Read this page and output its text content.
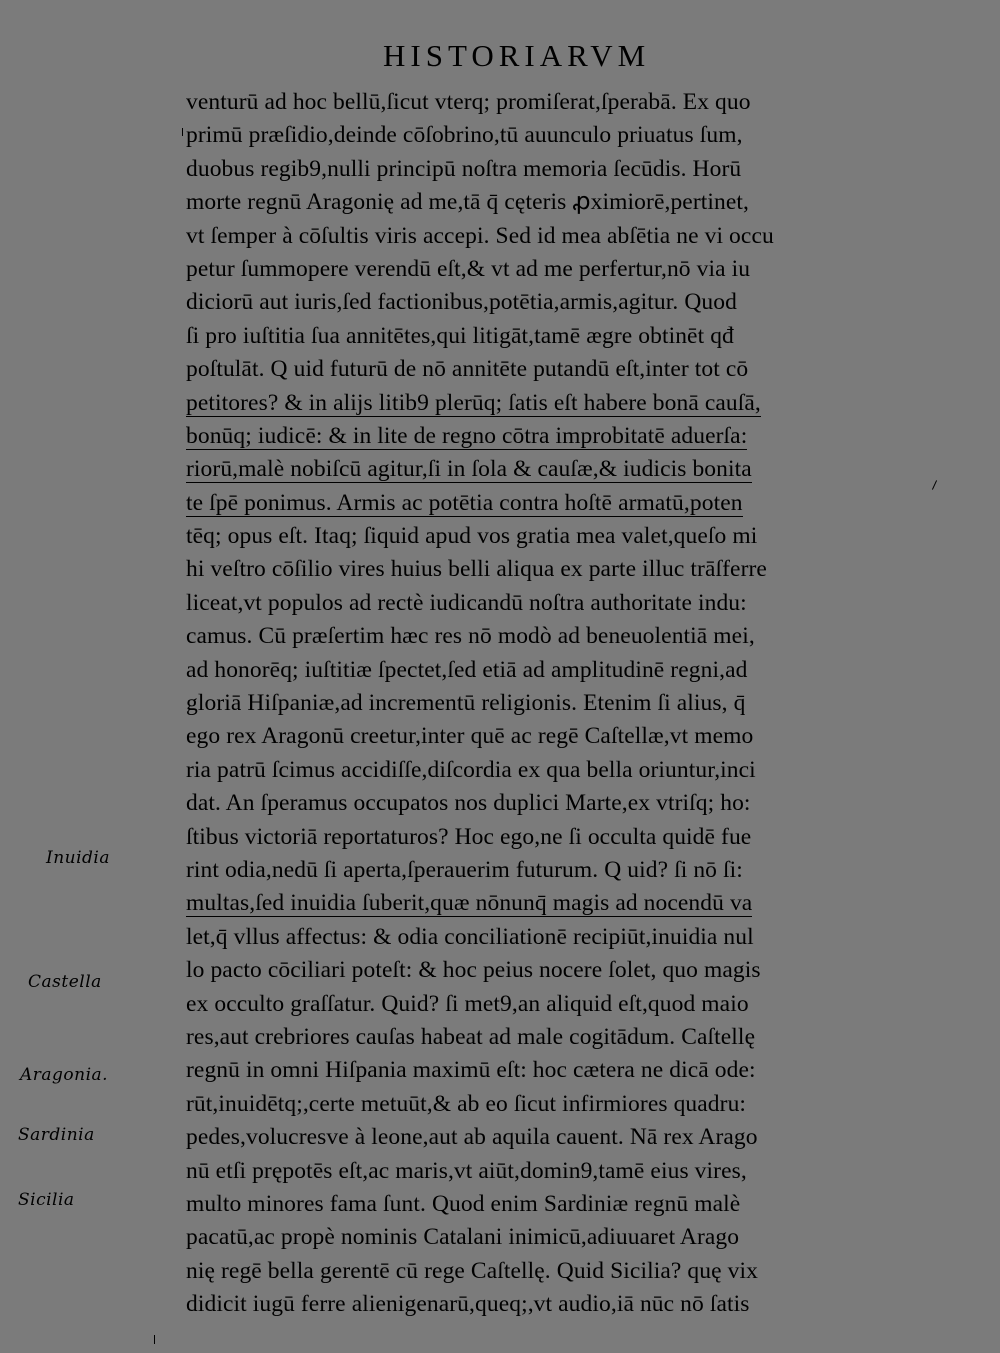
HISTORIARVM
venturū ad hoc bellū,ſicut vterq; promiſerat,ſperabā. Ex quo
primū præſidio,deinde cōſobrino,tū auunculo priuatus ſum,
duobus regib9,nulli principū noſtra memoria ſecūdis. Horū
morte regnū Aragonię ad me,tā q̄ cęteris ꝓximiorē,pertinet,
vt ſemper à cōſultis viris accepi. Sed id mea abſētia ne vi occu
petur ſummopere verendū eſt,& vt ad me perfertur,nō via iu
diciorū aut iuris,ſed factionibus,potētia,armis,agitur. Quod
ſi pro iuſtitia ſua annitētes,qui litigāt,tamē ægre obtinēt qđ
poſtulāt. Q uid futurū de nō annitēte putandū eſt,inter tot cō
petitores? & in alijs litib9 plerūq; ſatis eſt habere bonā cauſā,
bonūq; iudicē: & in lite de regno cōtra improbitatē aduerſa:
riorū,malè nobiſcū agitur,ſi in ſola & cauſæ,& iudicis bonita
te ſpē ponimus. Armis ac potētia contra hoſtē armatū,poten
tēq; opus eſt. Itaq; ſiquid apud vos gratia mea valet,queſo mi
hi veſtro cōſilio vires huius belli aliqua ex parte illuc trāſferre
liceat,vt populos ad rectè iudicandū noſtra authoritate indu:
camus. Cū præſertim hæc res nō modò ad beneuolentiā mei,
ad honorēq; iuſtitiæ ſpectet,ſed etiā ad amplitudinē regni,ad
gloriā Hiſpaniæ,ad incrementū religionis. Etenim ſi alius, q̄
ego rex Aragonū creetur,inter quē ac regē Caſtellæ,vt memo
ria patrū ſcimus accidiſſe,diſcordia ex qua bella oriuntur,inci
dat. An ſperamus occupatos nos duplici Marte,ex vtriſq; ho:
ſtibus victoriā reportaturos? Hoc ego,ne ſi occulta quidē fue
rint odia,nedū ſi aperta,ſperauerim futurum. Q uid? ſi nō ſi:
multas,ſed inuidia ſuberit,quæ nōnunq̄ magis ad nocendū va
let,q̄ vllus affectus: & odia conciliationē recipiūt,inuidia nul
lo pacto cōciliari poteſt: & hoc peius nocere ſolet, quo magis
ex occulto graſſatur. Quid? ſi met9,an aliquid eſt,quod maio
res,aut crebriores cauſas habeat ad male cogitādum. Caſtellę
regnū in omni Hiſpania maximū eſt: hoc cætera ne dicā ode:
rūt,inuidētq;,certe metuūt,& ab eo ſicut infirmiores quadru:
pedes,volucresve à leone,aut ab aquila cauent. Nā rex Arago
nū etſi prępotēs eſt,ac maris,vt aiūt,domin9,tamē eius vires,
multo minores fama ſunt. Quod enim Sardiniæ regnū malè
pacatū,ac propè nominis Catalani inimicū,adiuuaret Arago
nię regē bella gerentē cū rege Caſtellę. Quid Sicilia? quę vix
didicit iugū ferre alienigenarū,queq;,vt audio,iā nūc nō ſatis
Inuidia
Castella
Aragonia.
Sardinia
Sicilia
